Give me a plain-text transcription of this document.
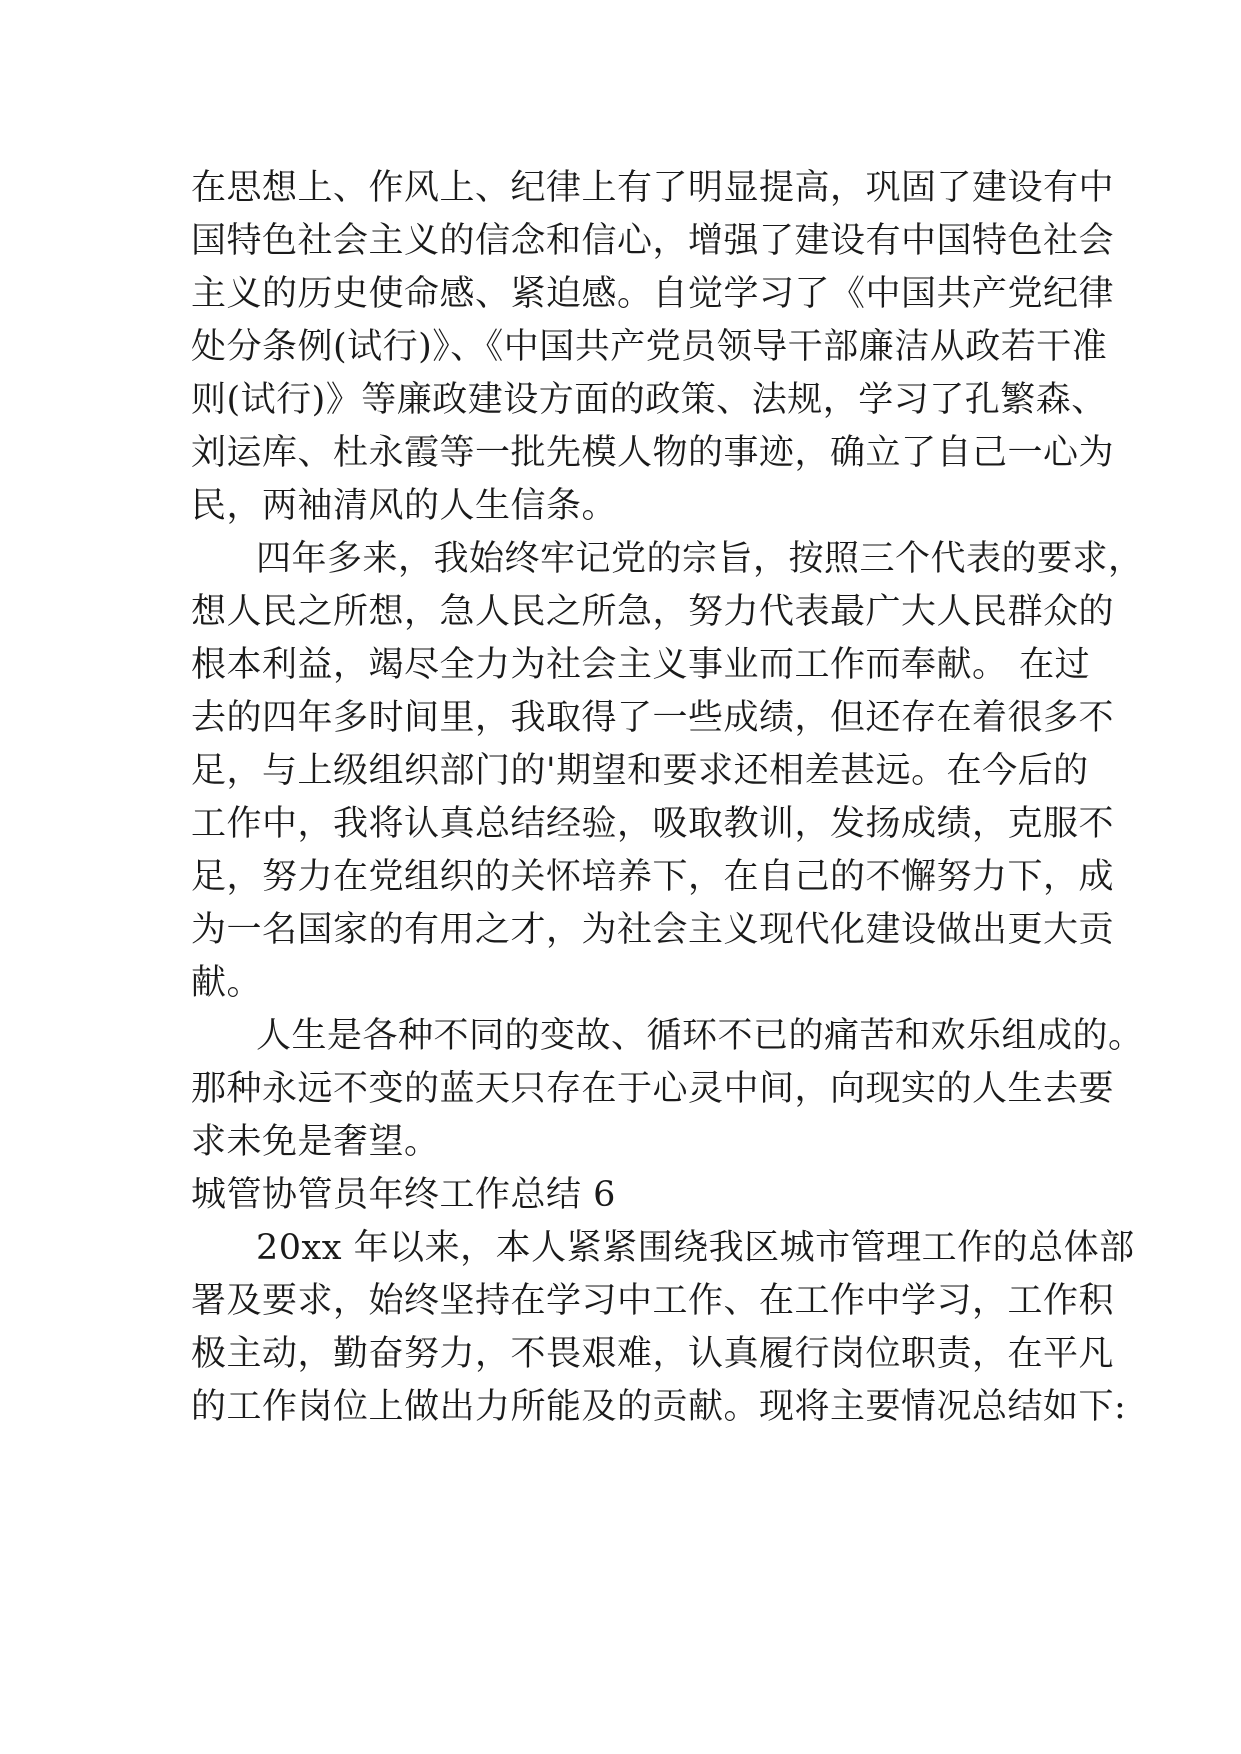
在思想上、作风上、纪律上有了明显提高，巩固了建设有中
国特色社会主义的信念和信心，增强了建设有中国特色社会
主义的历史使命感、紧迫感。自觉学习了《中国共产党纪律
处分条例(试行)》、《中国共产党员领导干部廉洁从政若干准
则(试行)》等廉政建设方面的政策、法规，学习了孔繁森、
刘运库、杜永霞等一批先模人物的事迹，确立了自己一心为
民，两袖清风的人生信条。
四年多来，我始终牢记党的宗旨，按照三个代表的要求，
想人民之所想，急人民之所急，努力代表最广大人民群众的
根本利益，竭尽全力为社会主义事业而工作而奉献。 在过
去的四年多时间里，我取得了一些成绩，但还存在着很多不
足，与上级组织部门的'期望和要求还相差甚远。在今后的
工作中，我将认真总结经验，吸取教训，发扬成绩，克服不
足，努力在党组织的关怀培养下，在自己的不懈努力下，成
为一名国家的有用之才，为社会主义现代化建设做出更大贡
献。
人生是各种不同的变故、循环不已的痛苦和欢乐组成的。
那种永远不变的蓝天只存在于心灵中间，向现实的人生去要
求未免是奢望。
城管协管员年终工作总结 6
20xx 年以来，本人紧紧围绕我区城市管理工作的总体部
署及要求，始终坚持在学习中工作、在工作中学习，工作积
极主动，勤奋努力，不畏艰难，认真履行岗位职责，在平凡
的工作岗位上做出力所能及的贡献。现将主要情况总结如下:
